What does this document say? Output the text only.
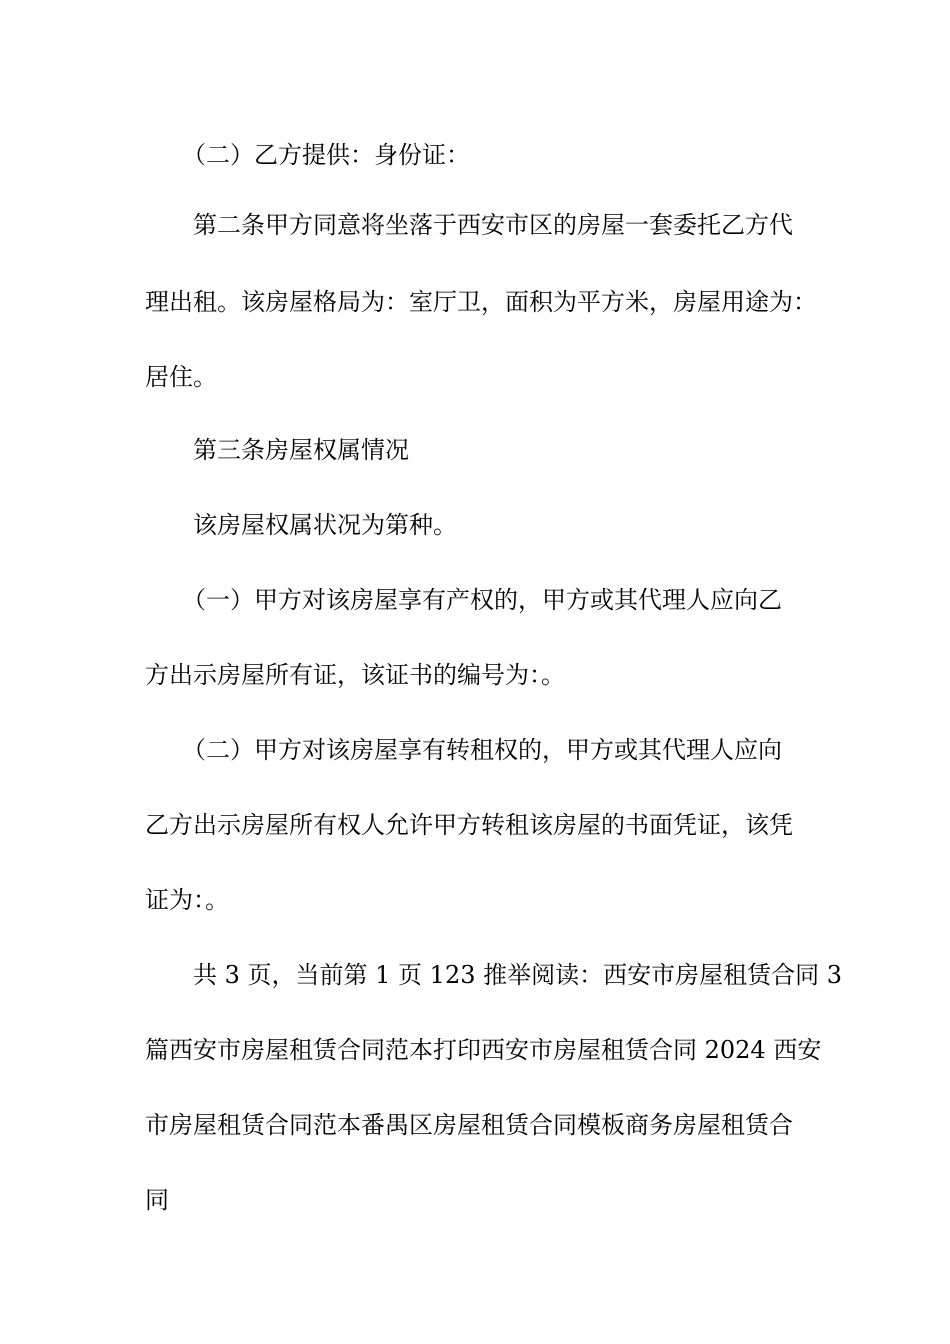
（二）乙方提供：身份证：
第二条甲方同意将坐落于西安市区的房屋一套委托乙方代
理出租。该房屋格局为：室厅卫，面积为平方米，房屋用途为：
居住。
第三条房屋权属情况
该房屋权属状况为第种。
（一）甲方对该房屋享有产权的，甲方或其代理人应向乙
方出示房屋所有证，该证书的编号为：。
（二）甲方对该房屋享有转租权的，甲方或其代理人应向
乙方出示房屋所有权人允许甲方转租该房屋的书面凭证，该凭
证为：。
共 3 页，当前第 1 页 123 推举阅读：西安市房屋租赁合同 3
篇西安市房屋租赁合同范本打印西安市房屋租赁合同 2024 西安
市房屋租赁合同范本番禺区房屋租赁合同模板商务房屋租赁合
同
